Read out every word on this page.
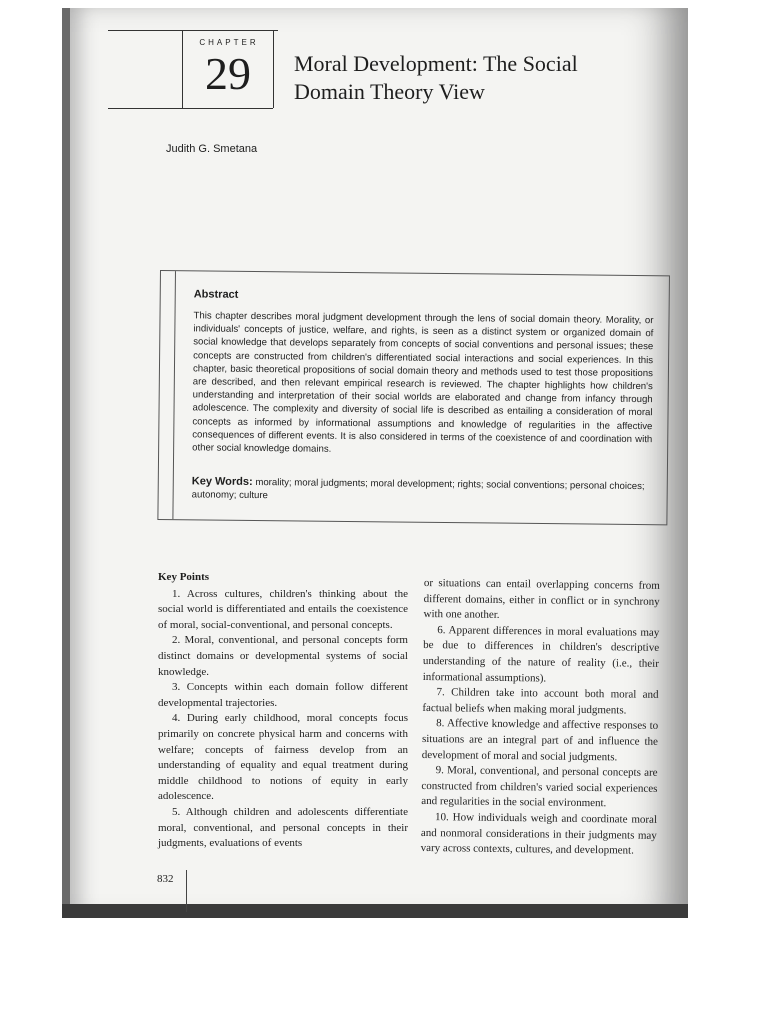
CHAPTER
29	Moral Development: The Social
Domain Theory View
Judith G. Smetana
Abstract
This chapter describes moral judgment development through the lens of social domain theory. Morality, or individuals' concepts of justice, welfare, and rights, is seen as a distinct system or organized domain of social knowledge that develops separately from concepts of social conventions and personal issues; these concepts are constructed from children's differentiated social interactions and social experiences. In this chapter, basic theoretical propositions of social domain theory and methods used to test those propositions are described, and then relevant empirical research is reviewed. The chapter highlights how children's understanding and interpretation of their social worlds are elaborated and change from infancy through adolescence. The complexity and diversity of social life is described as entailing a consideration of moral concepts as informed by informational assumptions and knowledge of regularities in the affective consequences of different events. It is also considered in terms of the coexistence of and coordination with other social knowledge domains.
Key Words: morality; moral judgments; moral development; rights; social conventions; personal choices; autonomy; culture
Key Points

1. Across cultures, children's thinking about the social world is differentiated and entails the coexistence of moral, social-conventional, and personal concepts.

2. Moral, conventional, and personal concepts form distinct domains or developmental systems of social knowledge.

3. Concepts within each domain follow different developmental trajectories.

4. During early childhood, moral concepts focus primarily on concrete physical harm and concerns with welfare; concepts of fairness develop from an understanding of equality and equal treatment during middle childhood to notions of equity in early adolescence.

5. Although children and adolescents differentiate moral, conventional, and personal concepts in their judgments, evaluations of events

or situations can entail overlapping concerns from different domains, either in conflict or in synchrony with one another.

6. Apparent differences in moral evaluations may be due to differences in children's descriptive understanding of the nature of reality (i.e., their informational assumptions).

7. Children take into account both moral and factual beliefs when making moral judgments.

8. Affective knowledge and affective responses to situations are an integral part of and influence the development of moral and social judgments.

9. Moral, conventional, and personal concepts are constructed from children's varied social experiences and regularities in the social environment.

10. How individuals weigh and coordinate moral and nonmoral considerations in their judgments may vary across contexts, cultures, and development.

832
